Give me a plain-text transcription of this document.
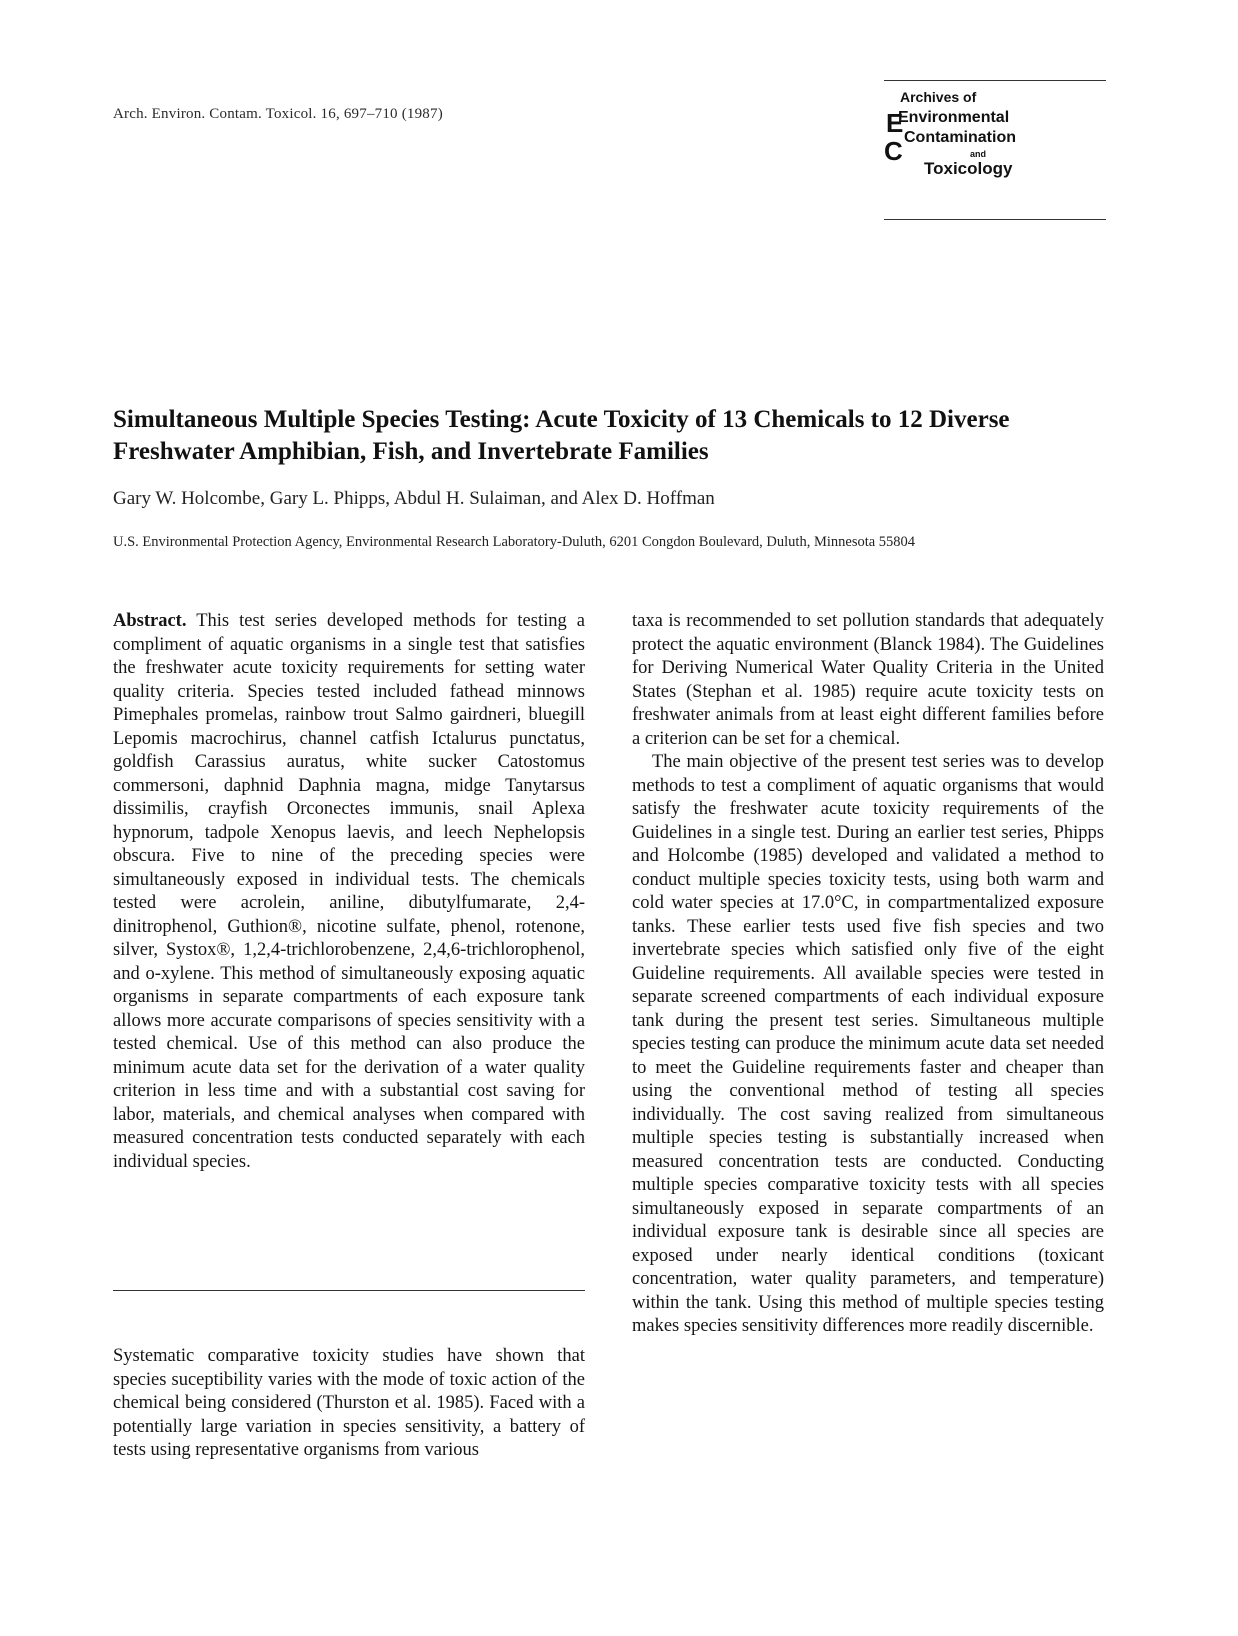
Arch. Environ. Contam. Toxicol. 16, 697–710 (1987)	E
C
Archives of
Environmental
Contamination
and
Toxicology
Simultaneous Multiple Species Testing: Acute Toxicity of 13 Chemicals to 12 Diverse Freshwater Amphibian, Fish, and Invertebrate Families
Gary W. Holcombe, Gary L. Phipps, Abdul H. Sulaiman, and Alex D. Hoffman
U.S. Environmental Protection Agency, Environmental Research Laboratory-Duluth, 6201 Congdon Boulevard, Duluth, Minnesota 55804
Abstract. This test series developed methods for testing a compliment of aquatic organisms in a single test that satisfies the freshwater acute toxicity requirements for setting water quality criteria. Species tested included fathead minnows Pimephales promelas, rainbow trout Salmo gairdneri, bluegill Lepomis macrochirus, channel catfish Ictalurus punctatus, goldfish Carassius auratus, white sucker Catostomus commersoni, daphnid Daphnia magna, midge Tanytarsus dissimilis, crayfish Orconectes immunis, snail Aplexa hypnorum, tadpole Xenopus laevis, and leech Nephelopsis obscura. Five to nine of the preceding species were simultaneously exposed in individual tests. The chemicals tested were acrolein, aniline, dibutylfumarate, 2,4-dinitrophenol, Guthion®, nicotine sulfate, phenol, rotenone, silver, Systox®, 1,2,4-trichlorobenzene, 2,4,6-trichlorophenol, and o-xylene. This method of simultaneously exposing aquatic organisms in separate compartments of each exposure tank allows more accurate comparisons of species sensitivity with a tested chemical. Use of this method can also produce the minimum acute data set for the derivation of a water quality criterion in less time and with a substantial cost saving for labor, materials, and chemical analyses when compared with measured concentration tests conducted separately with each individual species.
Systematic comparative toxicity studies have shown that species suceptibility varies with the mode of toxic action of the chemical being considered (Thurston et al. 1985). Faced with a potentially large variation in species sensitivity, a battery of tests using representative organisms from various

taxa is recommended to set pollution standards that adequately protect the aquatic environment (Blanck 1984). The Guidelines for Deriving Numerical Water Quality Criteria in the United States (Stephan et al. 1985) require acute toxicity tests on freshwater animals from at least eight different families before a criterion can be set for a chemical.

The main objective of the present test series was to develop methods to test a compliment of aquatic organisms that would satisfy the freshwater acute toxicity requirements of the Guidelines in a single test. During an earlier test series, Phipps and Holcombe (1985) developed and validated a method to conduct multiple species toxicity tests, using both warm and cold water species at 17.0°C, in compartmentalized exposure tanks. These earlier tests used five fish species and two invertebrate species which satisfied only five of the eight Guideline requirements. All available species were tested in separate screened compartments of each individual exposure tank during the present test series. Simultaneous multiple species testing can produce the minimum acute data set needed to meet the Guideline requirements faster and cheaper than using the conventional method of testing all species individually. The cost saving realized from simultaneous multiple species testing is substantially increased when measured concentration tests are conducted. Conducting multiple species comparative toxicity tests with all species simultaneously exposed in separate compartments of an individual exposure tank is desirable since all species are exposed under nearly identical conditions (toxicant concentration, water quality parameters, and temperature) within the tank. Using this method of multiple species testing makes species sensitivity differences more readily discernible.
